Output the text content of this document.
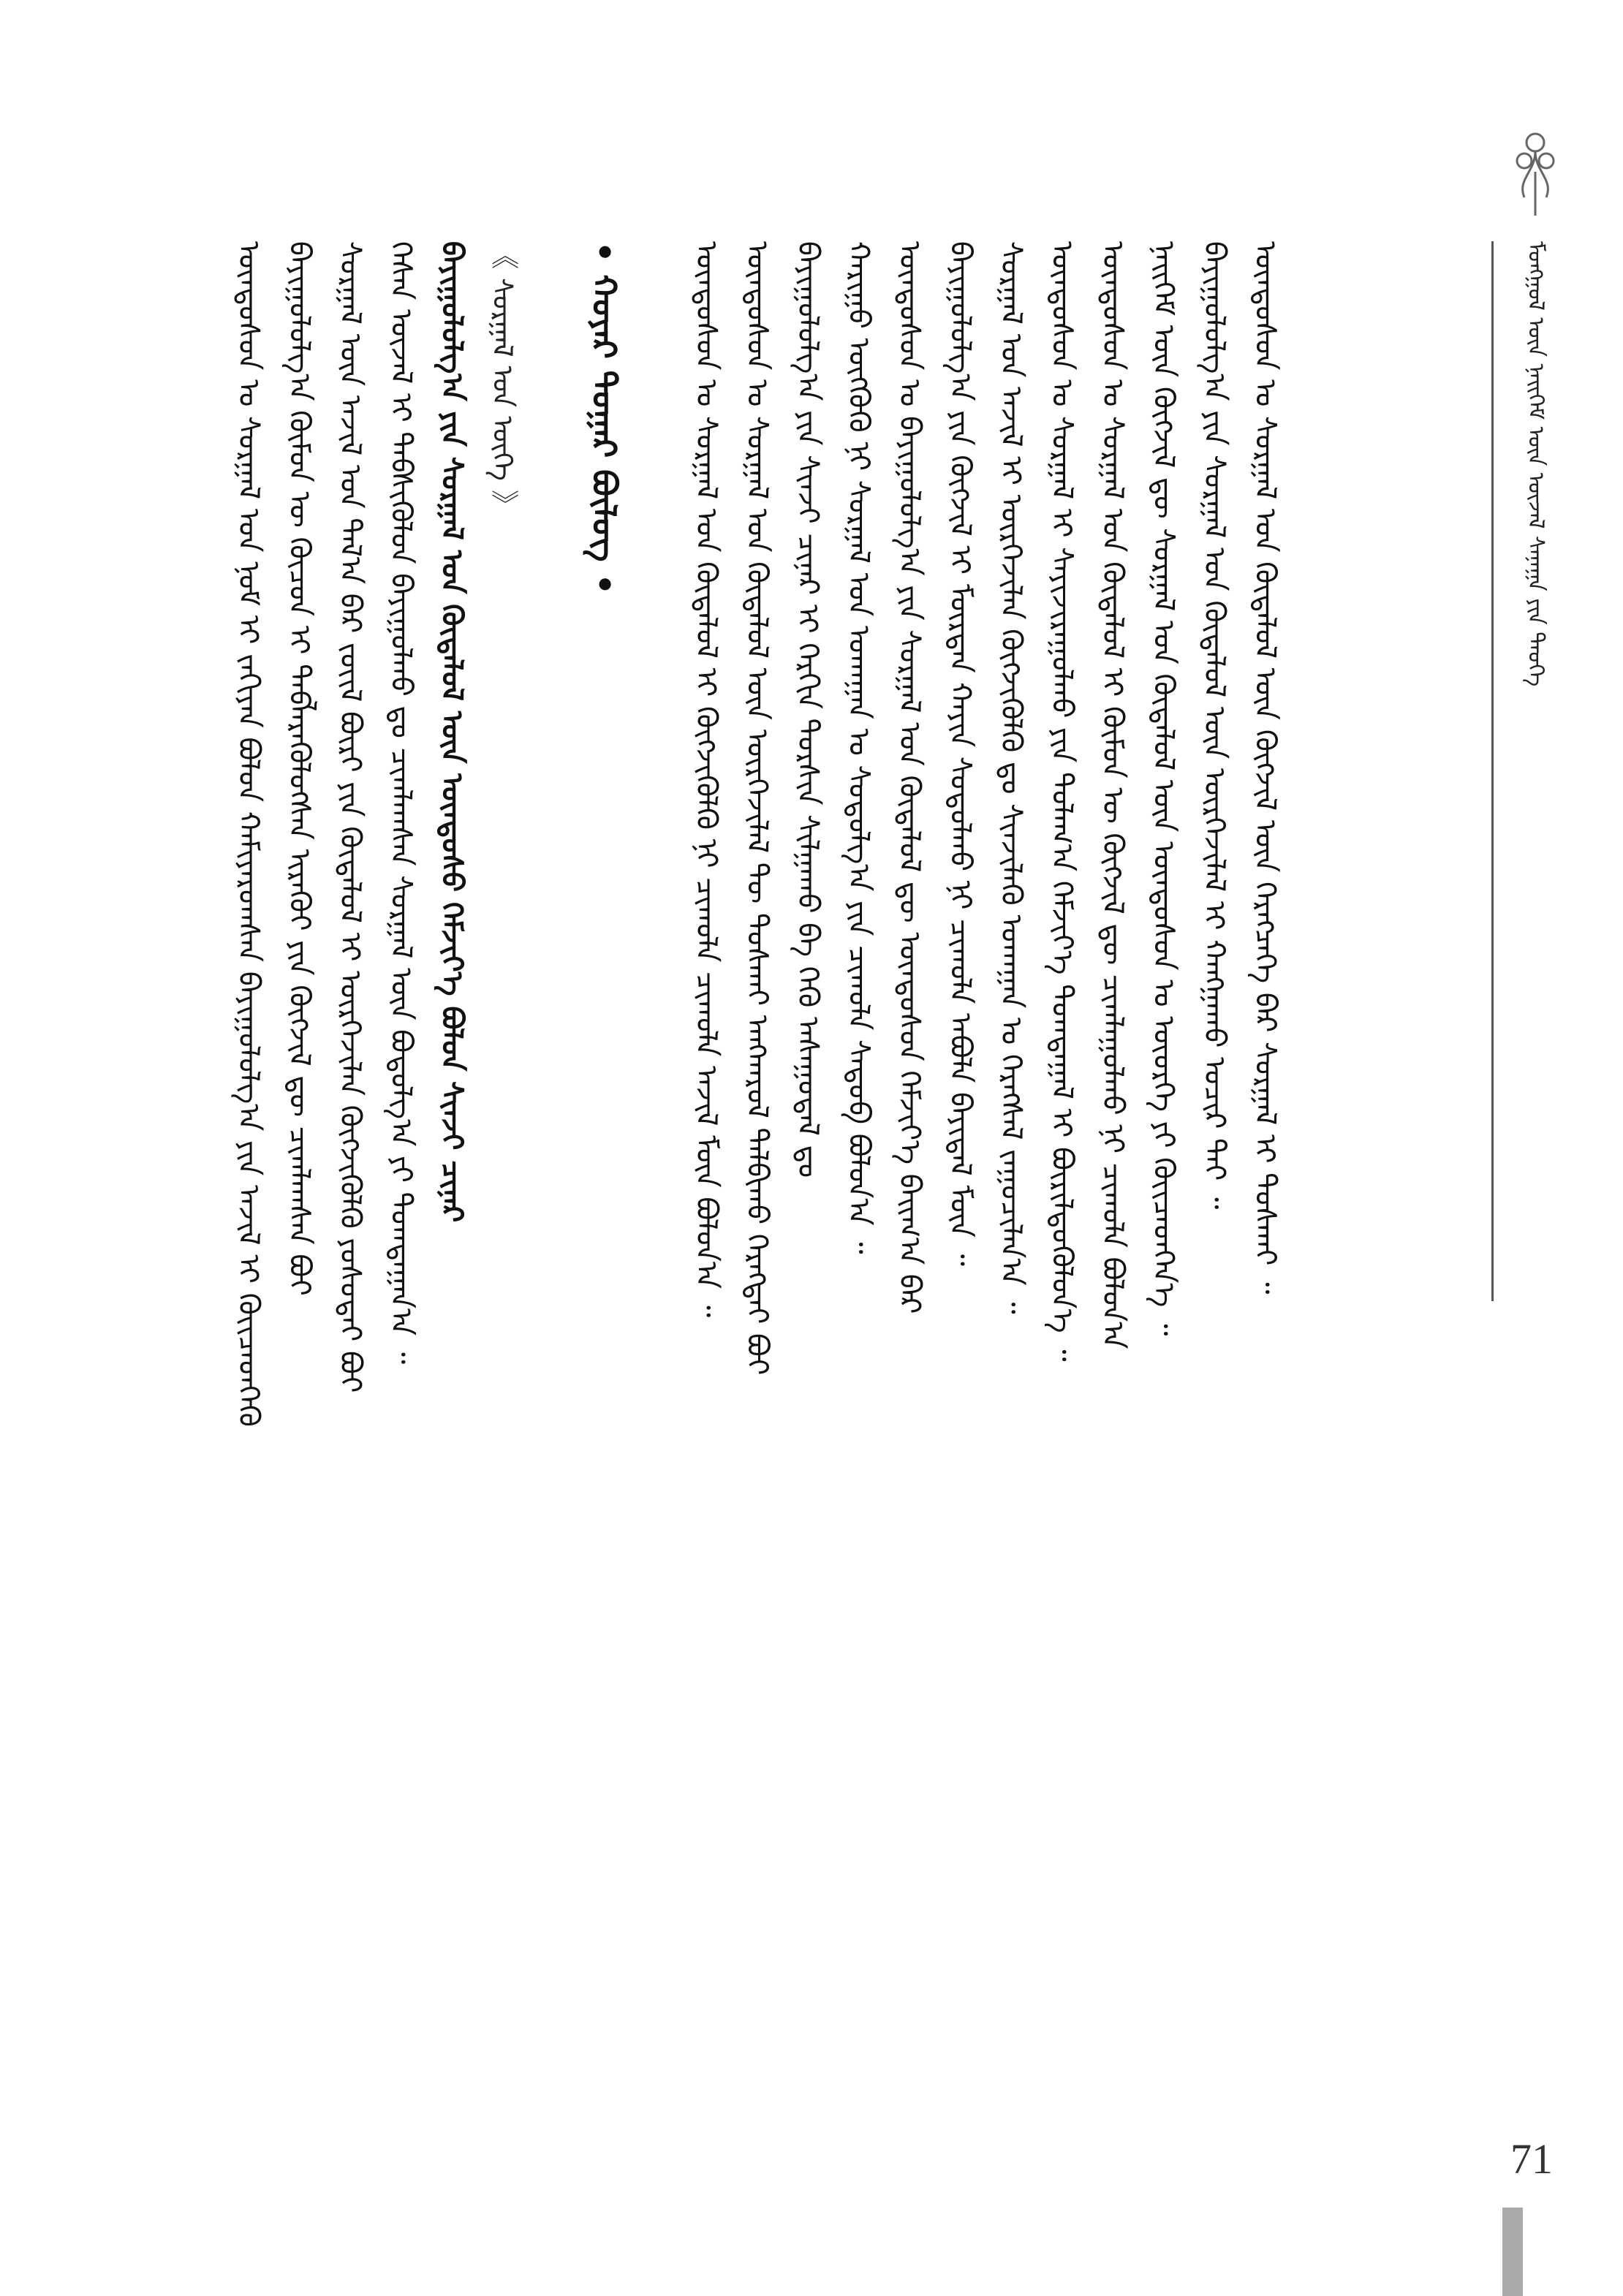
ᠮᠣᠩᠭᠣᠯ ᠦᠨ ᠨᠡᠢᠭᠡᠮ ᠦᠨ ᠦᠵᠡᠯ ᠰᠠᠨᠠᠭᠠ ᠶᠢᠨ ᠲᠡᠦᠬᠡ
ᠦᠨᠳᠦᠰᠦᠨ ᠤ ᠰᠤᠷᠭᠠᠯ ᠤᠨ ᠨᠤᠮ ᠢ ᠵᠠᠬᠢᠶᠠᠨ ᠪᠤᠯᠤᠨ ᠬᠠᠮᠢᠶᠠᠷᠤᠭᠰᠠᠨ ᠪᠠᠶᠢᠭᠤᠯᠤᠯᠭ᠎ᠠ ᠶᠢᠨ ᠠᠵᠢᠯ ᠢ ᠭᠦᠢᠴᠡᠳᠬᠡᠬᠦ ᠪᠠᠶᠢᠭᠤᠯᠤᠯᠭ᠎ᠠ ᠬᠦᠮᠦᠨ ᠦ ᠬᠦᠴᠦᠨ ᠢ ᠲᠡᠪᠯᠡᠷᠡᠭᠦᠯᠦᠭᠰᠡᠨ ᠢᠷᠡᠭᠦᠢ ᠶᠢᠨ ᠬᠥᠭᠵᠢᠯ ᠳᠦ ᠴᠢᠭᠯᠠᠭᠰᠠᠨ ᠪᠤᠢ ᠰᠤᠷᠭᠠᠯ ᠦᠨ ᠠᠵᠢᠯ ᠤᠨ ᠲᠠᠯ᠎ᠠ ᠪᠠᠷ ᠵᠦᠢᠯ ᠪᠦᠷᠢ ᠶᠢᠨ ᠬᠥᠳᠡᠯᠦᠯ ᠢ ᠦᠷᠭᠡᠵᠢᠯᠡᠨ ᠬᠥᠭᠵᠢᠭᠦᠯᠬᠦ ᠶᠤᠰᠤᠲᠠᠢ ᠪᠤᠢ ᠭᠡᠰᠡᠨ ᠦᠵᠡᠯ ᠢ ᠳᠡᠪᠰᠢᠭᠦᠯᠦᠨ ᠪᠠᠶᠢᠭᠤᠯᠬᠤ ᠳᠤ ᠴᠢᠭᠯᠠᠭᠰᠠᠨ ᠰᠤᠷᠭᠠᠯ ᠦᠨ ᠪᠤᠳᠤᠯᠭ᠎ᠠ ᠶᠢ ᠲᠣᠭᠲᠠᠭᠠᠨ᠎ᠠ ᠃ ᠪᠠᠶᠢᠭᠤᠯᠤᠯᠭ᠎ᠠ ᠶᠢᠨ ᠰᠤᠷᠭᠠᠯ ᠤᠨ ᠬᠥᠳᠡᠯᠦᠯ ᠦᠨ ᠦᠨᠳᠦᠰᠦ ᠬᠡᠮᠵᠢᠶ᠎ᠡ ᠪᠤᠯᠤᠨ ᠰᠢᠨᠵᠢ ᠴᠢᠨᠠᠷ 《 ᠰᠤᠷᠭᠠᠯ ᠤᠨ ᠦᠭᠡ 》 • ᠬᠣᠶᠠᠷ ᠳᠤᠭᠠᠷ ᠪᠦᠯᠦᠭ •	ᠦᠨᠳᠦᠰᠦᠨ ᠤ ᠰᠤᠷᠭᠠᠯ ᠤᠨ ᠬᠥᠳᠡᠯᠦᠯ ᠢ ᠬᠥᠭᠵᠢᠭᠦᠯᠬᠦ ᠨᠢ ᠴᠢᠬᠤᠯᠠ ᠴᠢᠬᠤᠯᠠ ᠠᠵᠢᠯ ᠮᠥᠨ ᠪᠣᠯᠤᠨ᠎ᠠ ᠃ ᠦᠨᠳᠦᠰᠦᠨ ᠤ ᠰᠤᠷᠭᠠᠯ ᠤᠨ ᠬᠥᠳᠡᠯᠦᠯ ᠦᠨ ᠦᠷᠭᠡᠵᠢᠯᠡᠯ ᠲᠦ ᠲᠤᠰᠬᠠᠢ ᠠᠩᠬᠠᠷᠤᠯ ᠲᠠᠯᠪᠢᠬᠤ ᠬᠡᠷᠡᠭᠲᠡᠢ ᠪᠤᠢ ᠪᠠᠶᠢᠭᠤᠯᠤᠯᠭ᠎ᠠ ᠶᠢᠨ ᠰᠢᠨᠵᠢ ᠴᠢᠨᠠᠷ ᠢ ᠬᠡᠷᠬᠢᠨ ᠲᠤᠷᠰᠢᠨ ᠰᠢᠯᠭᠠᠬᠤ ᠪᠡ ᠭᠡᠬᠦ ᠠᠰᠠᠭᠤᠳᠠᠯ ᠳᠤ ᠬᠠᠷᠢᠭᠤ ᠦᠭᠭᠦᠬᠦ ᠨᠢ ᠰᠤᠷᠭᠠᠯ ᠤᠨ ᠤᠬᠠᠭᠠᠨ ᠤ ᠰᠤᠳᠤᠯᠭ᠎ᠠ ᠶᠢᠨ ᠴᠢᠬᠤᠯᠠ ᠰᠡᠳᠦᠪ ᠪᠣᠯᠤᠨ᠎ᠠ ᠃ ᠦᠨᠳᠦᠰᠦᠨ ᠤ ᠪᠠᠶᠢᠭᠤᠯᠤᠯᠭ᠎ᠠ ᠶᠢᠨ ᠰᠤᠷᠭᠠᠯ ᠤᠨ ᠬᠥᠳᠡᠯᠦᠯ ᠳᠦ ᠦᠨᠳᠦᠰᠦᠨ ᠬᠡᠮᠵᠢᠶ᠎ᠡ ᠪᠠᠢᠭ᠎ᠠ ᠪᠠᠷ ᠪᠠᠶᠢᠭᠤᠯᠤᠯᠭ᠎ᠠ ᠶᠢᠨ ᠬᠥᠭᠵᠢᠯ ᠢ ᠮᠥᠷᠳᠡᠨ ᠬᠠᠶᠢᠨ ᠰᠤᠳᠤᠯᠬᠤ ᠨᠢ ᠴᠢᠬᠤᠯᠠ ᠠᠪᠤᠯᠠ ᠪᠠᠶᠢᠳᠠᠯ ᠮᠥᠨ ᠃ ᠰᠤᠷᠭᠠᠯ ᠤᠨ ᠠᠵᠢᠯ ᠢ ᠦᠷᠭᠡᠵᠢᠯᠡᠨ ᠬᠥᠭᠵᠢᠭᠦᠯᠬᠦ ᠳᠤ ᠰᠢᠨᠵᠢᠯᠡᠬᠦ ᠤᠬᠠᠭᠠᠨ ᠤ ᠬᠡᠷᠡᠭᠰᠡᠯ ᠵᠠᠭᠤᠴᠢᠯᠠᠨ᠎ᠠ ᠃ ᠦᠨᠳᠦᠰᠦᠨ ᠤ ᠰᠤᠷᠭᠠᠯ ᠢ ᠰᠠᠶᠢᠵᠢᠷᠠᠭᠤᠯᠬᠤ ᠶᠢᠨ ᠲᠤᠯᠠᠭ᠎ᠠ ᠬᠡᠮᠵᠢᠶ᠎ᠡ ᠲᠣᠭᠲᠠᠭᠠᠯ ᠢ ᠪᠦᠷᠢᠯᠳᠦᠭᠦᠯᠦᠨ᠎ᠡ ᠃ ᠦᠨᠳᠦᠰᠦᠨ ᠤ ᠰᠤᠷᠭᠠᠯ ᠤᠨ ᠬᠥᠳᠡᠯᠦᠯ ᠢ ᠬᠦᠮᠦᠨ ᠦ ᠬᠥᠭᠵᠢᠯ ᠳᠦ ᠴᠢᠭᠯᠠᠭᠤᠯᠬᠤ ᠨᠢ ᠴᠢᠬᠤᠯᠠ ᠪᠣᠯᠤᠨ᠎ᠠ ᠨᠡᠢᠭᠡᠮ ᠦᠨ ᠬᠥᠭᠵᠢᠯ ᠳᠦ ᠰᠤᠷᠭᠠᠯ ᠤᠨ ᠬᠥᠳᠡᠯᠦᠯ ᠦᠨ ᠦᠨᠳᠦᠰᠦᠨ ᠤ ᠦᠦᠷᠭᠡ ᠶᠢ ᠭᠦᠢᠴᠡᠳᠬᠡᠨ᠎ᠡ ᠃ ᠪᠠᠶᠢᠭᠤᠯᠤᠯᠭ᠎ᠠ ᠶᠢᠨ ᠰᠤᠷᠭᠠᠯ ᠤᠨ ᠬᠥᠳᠡᠯᠦᠯ ᠦᠨ ᠦᠷᠭᠡᠵᠢᠯᠡᠯ ᠢ ᠬᠠᠩᠭᠠᠬᠤ ᠤᠴᠢᠷ ᠲᠠᠢ ᠃ ᠦᠨᠳᠦᠰᠦᠨ ᠤ ᠰᠤᠷᠭᠠᠯ ᠤᠨ ᠬᠥᠳᠡᠯᠦᠯ ᠦᠨ ᠬᠥᠭᠵᠢᠯ ᠦᠨ ᠬᠡᠷᠡᠭᠴᠡᠭᠡ ᠪᠠᠷ ᠰᠤᠷᠭᠠᠯ ᠢ ᠲᠤᠰᠬᠠᠢ ᠃
71
